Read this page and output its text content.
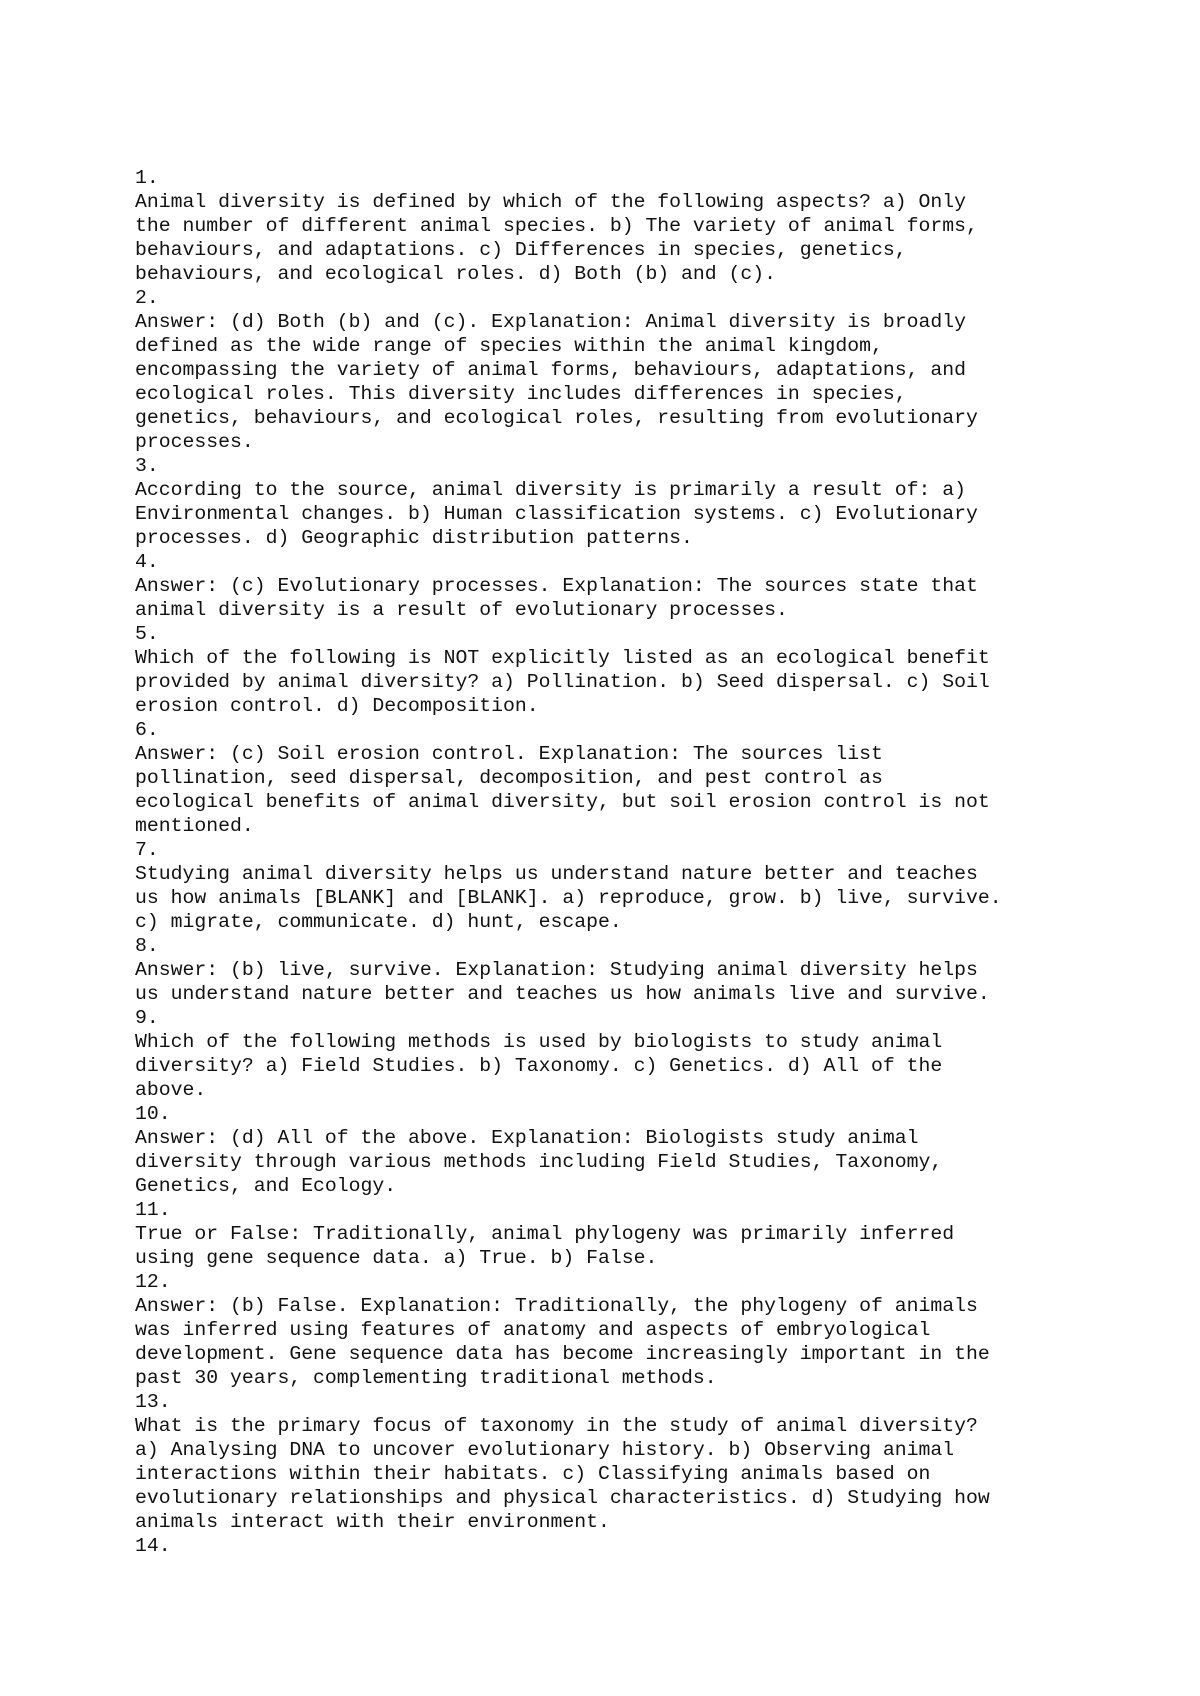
1.
Animal diversity is defined by which of the following aspects? a) Only
the number of different animal species. b) The variety of animal forms,
behaviours, and adaptations. c) Differences in species, genetics,
behaviours, and ecological roles. d) Both (b) and (c).
2.
Answer: (d) Both (b) and (c). Explanation: Animal diversity is broadly
defined as the wide range of species within the animal kingdom,
encompassing the variety of animal forms, behaviours, adaptations, and
ecological roles. This diversity includes differences in species,
genetics, behaviours, and ecological roles, resulting from evolutionary
processes.
3.
According to the source, animal diversity is primarily a result of: a)
Environmental changes. b) Human classification systems. c) Evolutionary
processes. d) Geographic distribution patterns.
4.
Answer: (c) Evolutionary processes. Explanation: The sources state that
animal diversity is a result of evolutionary processes.
5.
Which of the following is NOT explicitly listed as an ecological benefit
provided by animal diversity? a) Pollination. b) Seed dispersal. c) Soil
erosion control. d) Decomposition.
6.
Answer: (c) Soil erosion control. Explanation: The sources list
pollination, seed dispersal, decomposition, and pest control as
ecological benefits of animal diversity, but soil erosion control is not
mentioned.
7.
Studying animal diversity helps us understand nature better and teaches
us how animals [BLANK] and [BLANK]. a) reproduce, grow. b) live, survive.
c) migrate, communicate. d) hunt, escape.
8.
Answer: (b) live, survive. Explanation: Studying animal diversity helps
us understand nature better and teaches us how animals live and survive.
9.
Which of the following methods is used by biologists to study animal
diversity? a) Field Studies. b) Taxonomy. c) Genetics. d) All of the
above.
10.
Answer: (d) All of the above. Explanation: Biologists study animal
diversity through various methods including Field Studies, Taxonomy,
Genetics, and Ecology.
11.
True or False: Traditionally, animal phylogeny was primarily inferred
using gene sequence data. a) True. b) False.
12.
Answer: (b) False. Explanation: Traditionally, the phylogeny of animals
was inferred using features of anatomy and aspects of embryological
development. Gene sequence data has become increasingly important in the
past 30 years, complementing traditional methods.
13.
What is the primary focus of taxonomy in the study of animal diversity?
a) Analysing DNA to uncover evolutionary history. b) Observing animal
interactions within their habitats. c) Classifying animals based on
evolutionary relationships and physical characteristics. d) Studying how
animals interact with their environment.
14.
